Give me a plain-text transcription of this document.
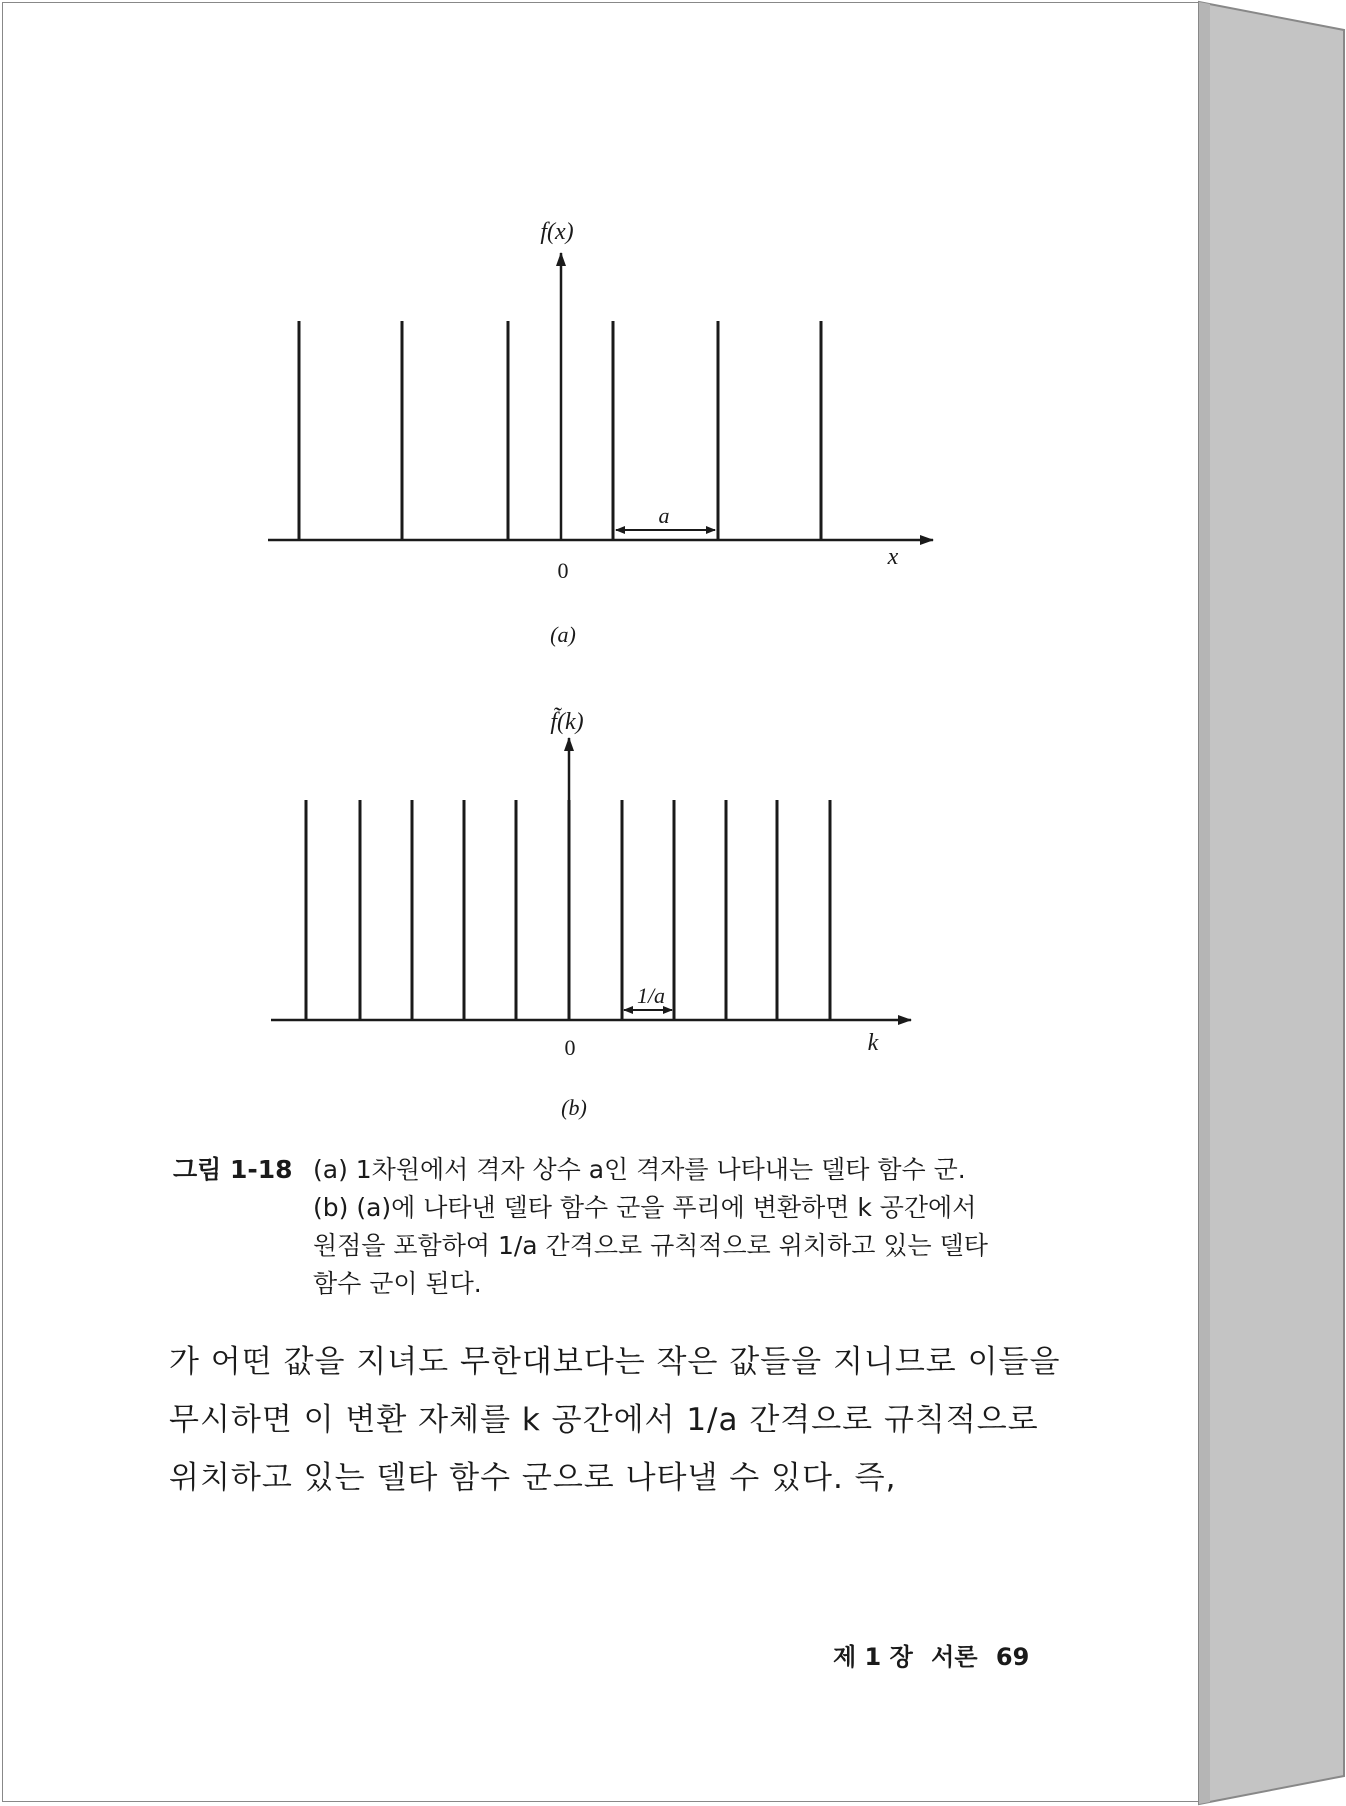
a
f(x)
x
0
(a)
1/a
f̃(k)
k
0
(b)
그림 1-18 (a) 1차원에서 격자 상수 a인 격자를 나타내는 델타 함수 군.
(b) (a)에 나타낸 델타 함수 군을 푸리에 변환하면 k 공간에서
원점을 포함하여 1/a 간격으로 규칙적으로 위치하고 있는 델타
함수 군이 된다.
가 어떤 값을 지녀도 무한대보다는 작은 값들을 지니므로 이들을
무시하면 이 변환 자체를 k 공간에서 1/a 간격으로 규칙적으로
위치하고 있는 델타 함수 군으로 나타낼 수 있다. 즉,
제 1 장 서론 69
